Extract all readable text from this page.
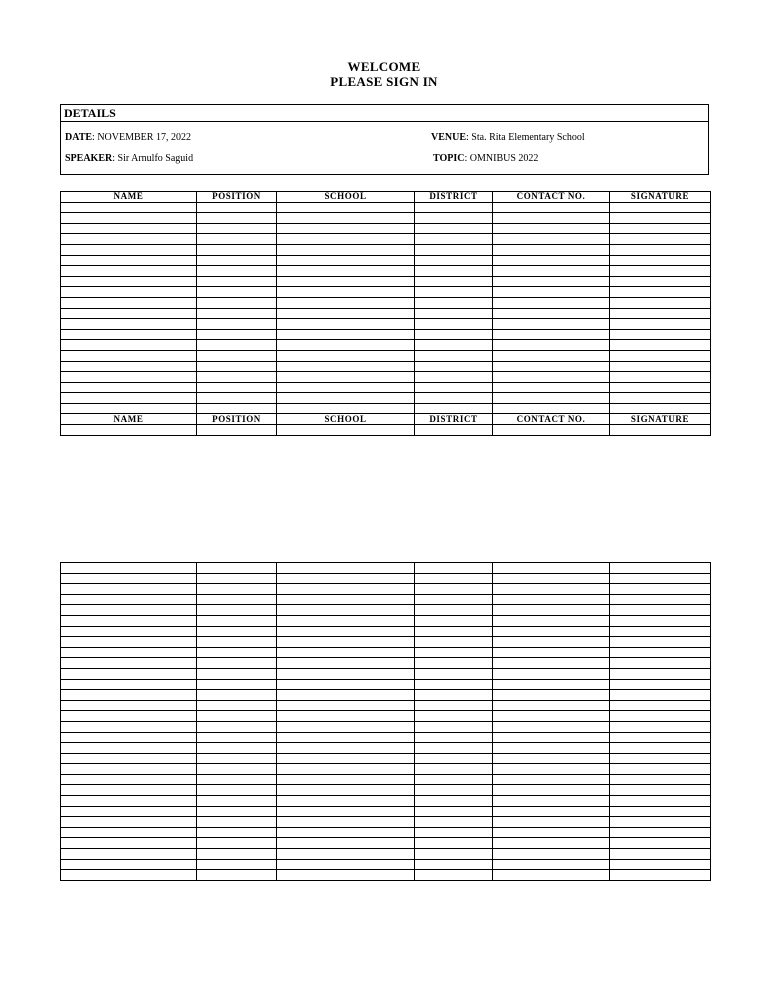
WELCOME
PLEASE SIGN IN
DETAILS
DATE: NOVEMBER 17, 2022	VENUE: Sta. Rita Elementary School
SPEAKER: Sir Arnulfo Saguid	TOPIC: OMNIBUS 2022
NAME	POSITION	SCHOOL	DISTRICT	CONTACT NO.	SIGNATURE

NAME	POSITION	SCHOOL	DISTRICT	CONTACT NO.	SIGNATURE
